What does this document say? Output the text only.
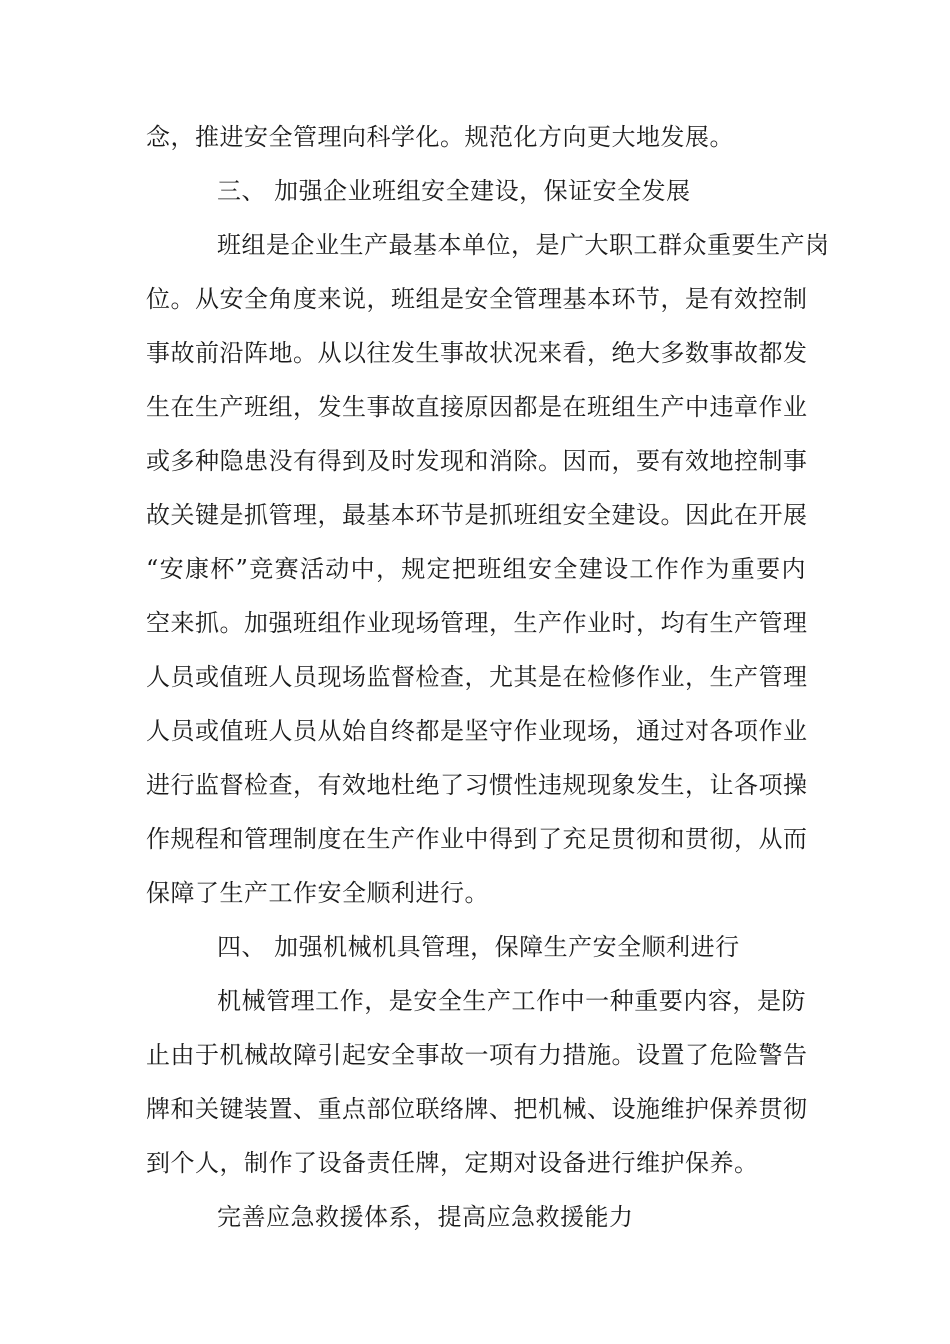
念，推进安全管理向科学化。规范化方向更大地发展。
三、 加强企业班组安全建设，保证安全发展
班组是企业生产最基本单位，是广大职工群众重要生产岗
位。从安全角度来说，班组是安全管理基本环节，是有效控制
事故前沿阵地。从以往发生事故状况来看，绝大多数事故都发
生在生产班组，发生事故直接原因都是在班组生产中违章作业
或多种隐患没有得到及时发现和消除。因而，要有效地控制事
故关键是抓管理，最基本环节是抓班组安全建设。因此在开展
“安康杯”竞赛活动中，规定把班组安全建设工作作为重要内
空来抓。加强班组作业现场管理，生产作业时，均有生产管理
人员或值班人员现场监督检查，尤其是在检修作业，生产管理
人员或值班人员从始自终都是坚守作业现场，通过对各项作业
进行监督检查，有效地杜绝了习惯性违规现象发生，让各项操
作规程和管理制度在生产作业中得到了充足贯彻和贯彻，从而
保障了生产工作安全顺利进行。
四、 加强机械机具管理，保障生产安全顺利进行
机械管理工作，是安全生产工作中一种重要内容，是防
止由于机械故障引起安全事故一项有力措施。设置了危险警告
牌和关键装置、重点部位联络牌、把机械、设施维护保养贯彻
到个人，制作了设备责任牌，定期对设备进行维护保养。
完善应急救援体系，提高应急救援能力
